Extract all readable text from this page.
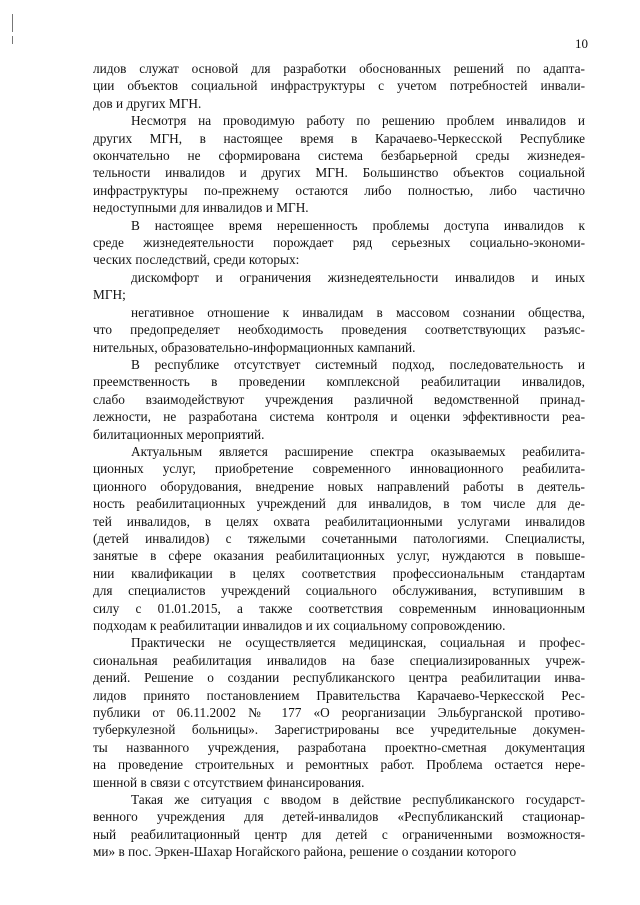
10
лидов служат основой для разработки обоснованных решений по адапта-
ции объектов социальной инфраструктуры с учетом потребностей инвали-
дов и других МГН.
Несмотря на проводимую работу по решению проблем инвалидов и
других МГН, в настоящее время в Карачаево-Черкесской Республике
окончательно не сформирована система безбарьерной среды жизнедея-
тельности инвалидов и других МГН. Большинство объектов социальной
инфраструктуры по-прежнему остаются либо полностью, либо частично
недоступными для инвалидов и МГН.
В настоящее время нерешенность проблемы доступа инвалидов к
среде жизнедеятельности порождает ряд серьезных социально-экономи-
ческих последствий, среди которых:
дискомфорт и ограничения жизнедеятельности инвалидов и иных
МГН;
негативное отношение к инвалидам в массовом сознании общества,
что предопределяет необходимость проведения соответствующих разъяс-
нительных, образовательно-информационных кампаний.
В республике отсутствует системный подход, последовательность и
преемственность в проведении комплексной реабилитации инвалидов,
слабо взаимодействуют учреждения различной ведомственной принад-
лежности, не разработана система контроля и оценки эффективности реа-
билитационных мероприятий.
Актуальным является расширение спектра оказываемых реабилита-
ционных услуг, приобретение современного инновационного реабилита-
ционного оборудования, внедрение новых направлений работы в деятель-
ность реабилитационных учреждений для инвалидов, в том числе для де-
тей инвалидов, в целях охвата реабилитационными услугами инвалидов
(детей инвалидов) с тяжелыми сочетанными патологиями. Специалисты,
занятые в сфере оказания реабилитационных услуг, нуждаются в повыше-
нии квалификации в целях соответствия профессиональным стандартам
для специалистов учреждений социального обслуживания, вступившим в
силу с 01.01.2015, а также соответствия современным инновационным
подходам к реабилитации инвалидов и их социальному сопровождению.
Практически не осуществляется медицинская, социальная и профес-
сиональная реабилитация инвалидов на базе специализированных учреж-
дений. Решение о создании республиканского центра реабилитации инва-
лидов принято постановлением Правительства Карачаево-Черкесской Рес-
публики от 06.11.2002 № 177 «О реорганизации Эльбурганской противо-
туберкулезной больницы». Зарегистрированы все учредительные докумен-
ты названного учреждения, разработана проектно-сметная документация
на проведение строительных и ремонтных работ. Проблема остается нере-
шенной в связи с отсутствием финансирования.
Такая же ситуация с вводом в действие республиканского государст-
венного учреждения для детей-инвалидов «Республиканский стационар-
ный реабилитационный центр для детей с ограниченными возможностя-
ми» в пос. Эркен-Шахар Ногайского района, решение о создании которого
